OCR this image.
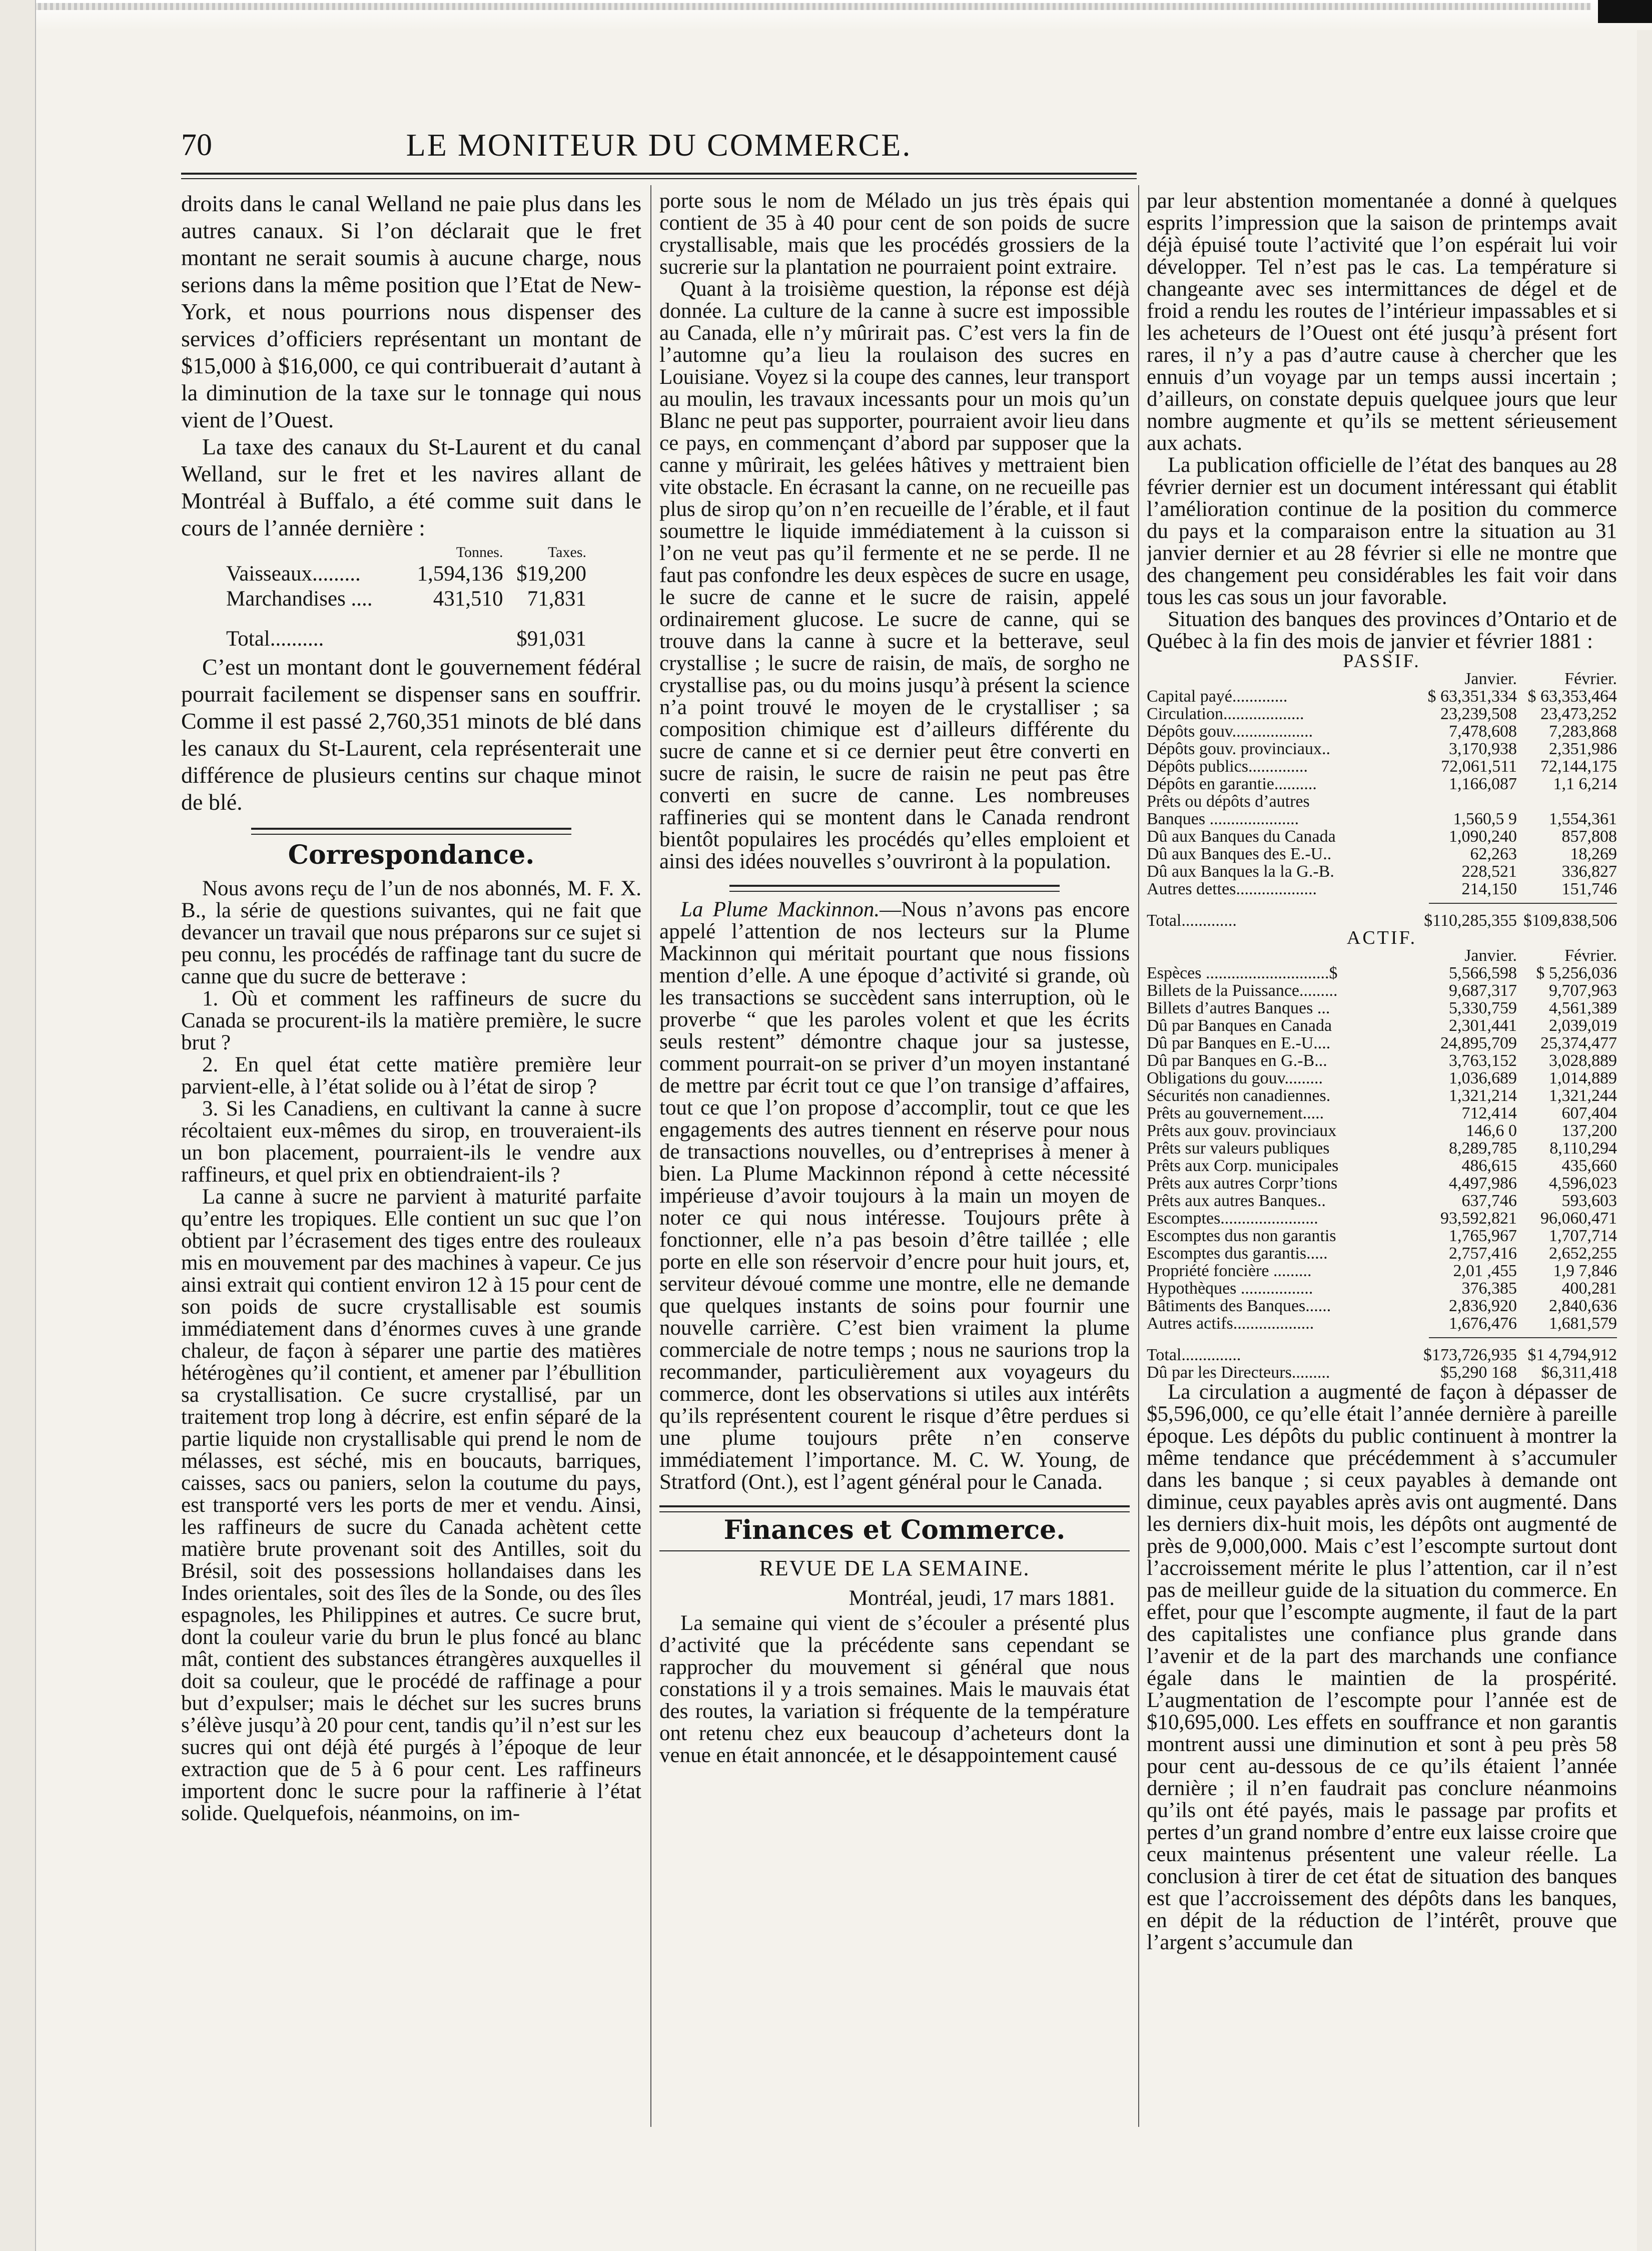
70	LE MONITEUR DU COMMERCE.

droits dans le canal Welland ne paie plus dans les autres canaux. Si l’on déclarait que le fret montant ne serait soumis à aucune charge, nous serions dans la même position que l’Etat de New-York, et nous pourrions nous dispenser des services d’officiers représentant un montant de $15,000 à $16,000, ce qui contribuerait d’autant à la diminution de la taxe sur le tonnage qui nous vient de l’Ouest.

La taxe des canaux du St-Laurent et du canal Welland, sur le fret et les navires allant de Montréal à Buffalo, a été comme suit dans le cours de l’année dernière :

	Tonnes.	Taxes.
Vaisseaux.........	1,594,136	$19,200
Marchandises ....	431,510	71,831
Total..........		$91,031

C’est un montant dont le gouvernement fédéral pourrait facilement se dispenser sans en souffrir. Comme il est passé 2,760,351 minots de blé dans les canaux du St-Laurent, cela représenterait une différence de plusieurs centins sur chaque minot de blé.

Correspondance.

Nous avons reçu de l’un de nos abonnés, M. F. X. B., la série de questions suivantes, qui ne fait que devancer un travail que nous préparons sur ce sujet si peu connu, les procédés de raffinage tant du sucre de canne que du sucre de betterave :

1. Où et comment les raffineurs de sucre du Canada se procurent-ils la matière première, le sucre brut ?

2. En quel état cette matière première leur parvient-elle, à l’état solide ou à l’état de sirop ?

3. Si les Canadiens, en cultivant la canne à sucre récoltaient eux-mêmes du sirop, en trouveraient-ils un bon placement, pourraient-ils le vendre aux raffineurs, et quel prix en obtiendraient-ils ?

La canne à sucre ne parvient à maturité parfaite qu’entre les tropiques. Elle contient un suc que l’on obtient par l’écrasement des tiges entre des rouleaux mis en mouvement par des machines à vapeur. Ce jus ainsi extrait qui contient environ 12 à 15 pour cent de son poids de sucre crystallisable est soumis immédiatement dans d’énormes cuves à une grande chaleur, de façon à séparer une partie des matières hétérogènes qu’il contient, et amener par l’ébullition sa crystallisation. Ce sucre crystallisé, par un traitement trop long à décrire, est enfin séparé de la partie liquide non crystallisable qui prend le nom de mélasses, est séché, mis en boucauts, barriques, caisses, sacs ou paniers, selon la coutume du pays, est transporté vers les ports de mer et vendu. Ainsi, les raffineurs de sucre du Canada achètent cette matière brute provenant soit des Antilles, soit du Brésil, soit des possessions hollandaises dans les Indes orientales, soit des îles de la Sonde, ou des îles espagnoles, les Philippines et autres. Ce sucre brut, dont la couleur varie du brun le plus foncé au blanc mât, contient des substances étrangères auxquelles il doit sa couleur, que le procédé de raffinage a pour but d’expulser; mais le déchet sur les sucres bruns s’élève jusqu’à 20 pour cent, tandis qu’il n’est sur les sucres qui ont déjà été purgés à l’époque de leur extraction que de 5 à 6 pour cent. Les raffineurs importent donc le sucre pour la raffinerie à l’état solide. Quelquefois, néanmoins, on im-

porte sous le nom de Mélado un jus très épais qui contient de 35 à 40 pour cent de son poids de sucre crystallisable, mais que les procédés grossiers de la sucrerie sur la plantation ne pourraient point extraire.

Quant à la troisième question, la réponse est déjà donnée. La culture de la canne à sucre est impossible au Canada, elle n’y mûrirait pas. C’est vers la fin de l’automne qu’a lieu la roulaison des sucres en Louisiane. Voyez si la coupe des cannes, leur transport au moulin, les travaux incessants pour un mois qu’un Blanc ne peut pas supporter, pourraient avoir lieu dans ce pays, en commençant d’abord par supposer que la canne y mûrirait, les gelées hâtives y mettraient bien vite obstacle. En écrasant la canne, on ne recueille pas plus de sirop qu’on n’en recueille de l’érable, et il faut soumettre le liquide immédiatement à la cuisson si l’on ne veut pas qu’il fermente et ne se perde. Il ne faut pas confondre les deux espèces de sucre en usage, le sucre de canne et le sucre de raisin, appelé ordinairement glucose. Le sucre de canne, qui se trouve dans la canne à sucre et la betterave, seul crystallise ; le sucre de raisin, de maïs, de sorgho ne crystallise pas, ou du moins jusqu’à présent la science n’a point trouvé le moyen de le crystalliser ; sa composition chimique est d’ailleurs différente du sucre de canne et si ce dernier peut être converti en sucre de raisin, le sucre de raisin ne peut pas être converti en sucre de canne. Les nombreuses raffineries qui se montent dans le Canada rendront bientôt populaires les procédés qu’elles emploient et ainsi des idées nouvelles s’ouvriront à la population.

La Plume Mackinnon.—Nous n’avons pas encore appelé l’attention de nos lecteurs sur la Plume Mackinnon qui méritait pourtant que nous fissions mention d’elle. A une époque d’activité si grande, où les transactions se succèdent sans interruption, où le proverbe “ que les paroles volent et que les écrits seuls restent” démontre chaque jour sa justesse, comment pourrait-on se priver d’un moyen instantané de mettre par écrit tout ce que l’on transige d’affaires, tout ce que l’on propose d’accomplir, tout ce que les engagements des autres tiennent en réserve pour nous de transactions nouvelles, ou d’entreprises à mener à bien. La Plume Mackinnon répond à cette nécessité impérieuse d’avoir toujours à la main un moyen de noter ce qui nous intéresse. Toujours prête à fonctionner, elle n’a pas besoin d’être taillée ; elle porte en elle son réservoir d’encre pour huit jours, et, serviteur dévoué comme une montre, elle ne demande que quelques instants de soins pour fournir une nouvelle carrière. C’est bien vraiment la plume commerciale de notre temps ; nous ne saurions trop la recommander, particulièrement aux voyageurs du commerce, dont les observations si utiles aux intérêts qu’ils représentent courent le risque d’être perdues si une plume toujours prête n’en conserve immédiatement l’importance. M. C. W. Young, de Stratford (Ont.), est l’agent général pour le Canada.

Finances et Commerce.
REVUE DE LA SEMAINE.
Montréal, jeudi, 17 mars 1881.

La semaine qui vient de s’écouler a présenté plus d’activité que la précédente sans cependant se rapprocher du mouvement si général que nous constations il y a trois semaines. Mais le mauvais état des routes, la variation si fréquente de la température ont retenu chez eux beaucoup d’acheteurs dont la venue en était annoncée, et le désappointement causé

par leur abstention momentanée a donné à quelques esprits l’impression que la saison de printemps avait déjà épuisé toute l’activité que l’on espérait lui voir développer. Tel n’est pas le cas. La température si changeante avec ses intermittances de dégel et de froid a rendu les routes de l’intérieur impassables et si les acheteurs de l’Ouest ont été jusqu’à présent fort rares, il n’y a pas d’autre cause à chercher que les ennuis d’un voyage par un temps aussi incertain ; d’ailleurs, on constate depuis quelquee jours que leur nombre augmente et qu’ils se mettent sérieusement aux achats.

La publication officielle de l’état des banques au 28 février dernier est un document intéressant qui établit l’amélioration continue de la position du commerce du pays et la comparaison entre la situation au 31 janvier dernier et au 28 février si elle ne montre que des changement peu considérables les fait voir dans tous les cas sous un jour favorable.

Situation des banques des provinces d’Ontario et de Québec à la fin des mois de janvier et février 1881 :

PASSIF.
Janvier.	Février.
Capital payé.............	$ 63,351,334 $ 63,353,464
Circulation...................	23,239,508	23,473,252
Dépôts gouv...................	7,478,608	7,283,868
Dépôts gouv. provinciaux..	3,170,938	2,351,986
Dépôts publics..............	72,061,511	72,144,175
Dépôts en garantie..........	1,166,087	1,1 6,214
Prêts ou dépôts d’autres
Banques .....................	1,560,5 9	1,554,361
Dû aux Banques du Canada	1,090,240	857,808
Dû aux Banques des E.-U..	62,263	18,269
Dû aux Banques la la G.-B.	228,521	336,827
Autres dettes...................	214,150	151,746
Total.............	$110,285,355 $109,838,506
ACTIF.
Janvier.	Février.
Espèces .............................$	5,566,598	$ 5,256,036
Billets de la Puissance.........	9,687,317	9,707,963
Billets d’autres Banques ...	5,330,759	4,561,389
Dû par Banques en Canada	2,301,441	2,039,019
Dû par Banques en E.-U....	24,895,709	25,374,477
Dû par Banques en G.-B...	3,763,152	3,028,889
Obligations du gouv.........	1,036,689	1,014,889
Sécurités non canadiennes.	1,321,214	1,321,244
Prêts au gouvernement.....	712,414	607,404
Prêts aux gouv. provinciaux	146,6 0	137,200
Prêts sur valeurs publiques	8,289,785	8,110,294
Prêts aux Corp. municipales	486,615	435,660
Prêts aux autres Corpr’tions	4,497,986	4,596,023
Prêts aux autres Banques..	637,746	593,603
Escomptes.......................	93,592,821	96,060,471
Escomptes dus non garantis	1,765,967	1,707,714
Escomptes dus garantis.....	2,757,416	2,652,255
Propriété foncière .........	2,01 ,455	1,9 7,846
Hypothèques .................	376,385	400,281
Bâtiments des Banques......	2,836,920	2,840,636
Autres actifs...................	1,676,476	1,681,579
Total..............	$173,726,935 $1 4,794,912
Dû par les Directeurs.........	$5,290 168	$6,311,418

La circulation a augmenté de façon à dépasser de $5,596,000, ce qu’elle était l’année dernière à pareille époque. Les dépôts du public continuent à montrer la même tendance que précédemment à s’accumuler dans les banque ; si ceux payables à demande ont diminue, ceux payables après avis ont augmenté. Dans les derniers dix-huit mois, les dépôts ont augmenté de près de 9,000,000. Mais c’est l’escompte surtout dont l’accroissement mérite le plus l’attention, car il n’est pas de meilleur guide de la situation du commerce. En effet, pour que l’escompte augmente, il faut de la part des capitalistes une confiance plus grande dans l’avenir et de la part des marchands une confiance égale dans le maintien de la prospérité. L’augmentation de l’escompte pour l’année est de $10,695,000. Les effets en souffrance et non garantis montrent aussi une diminution et sont à peu près 58 pour cent au-dessous de ce qu’ils étaient l’année dernière ; il n’en faudrait pas conclure néanmoins qu’ils ont été payés, mais le passage par profits et pertes d’un grand nombre d’entre eux laisse croire que ceux maintenus présentent une valeur réelle. La conclusion à tirer de cet état de situation des banques est que l’accroissement des dépôts dans les banques, en dépit de la réduction de l’intérêt, prouve que l’argent s’accumule dan
